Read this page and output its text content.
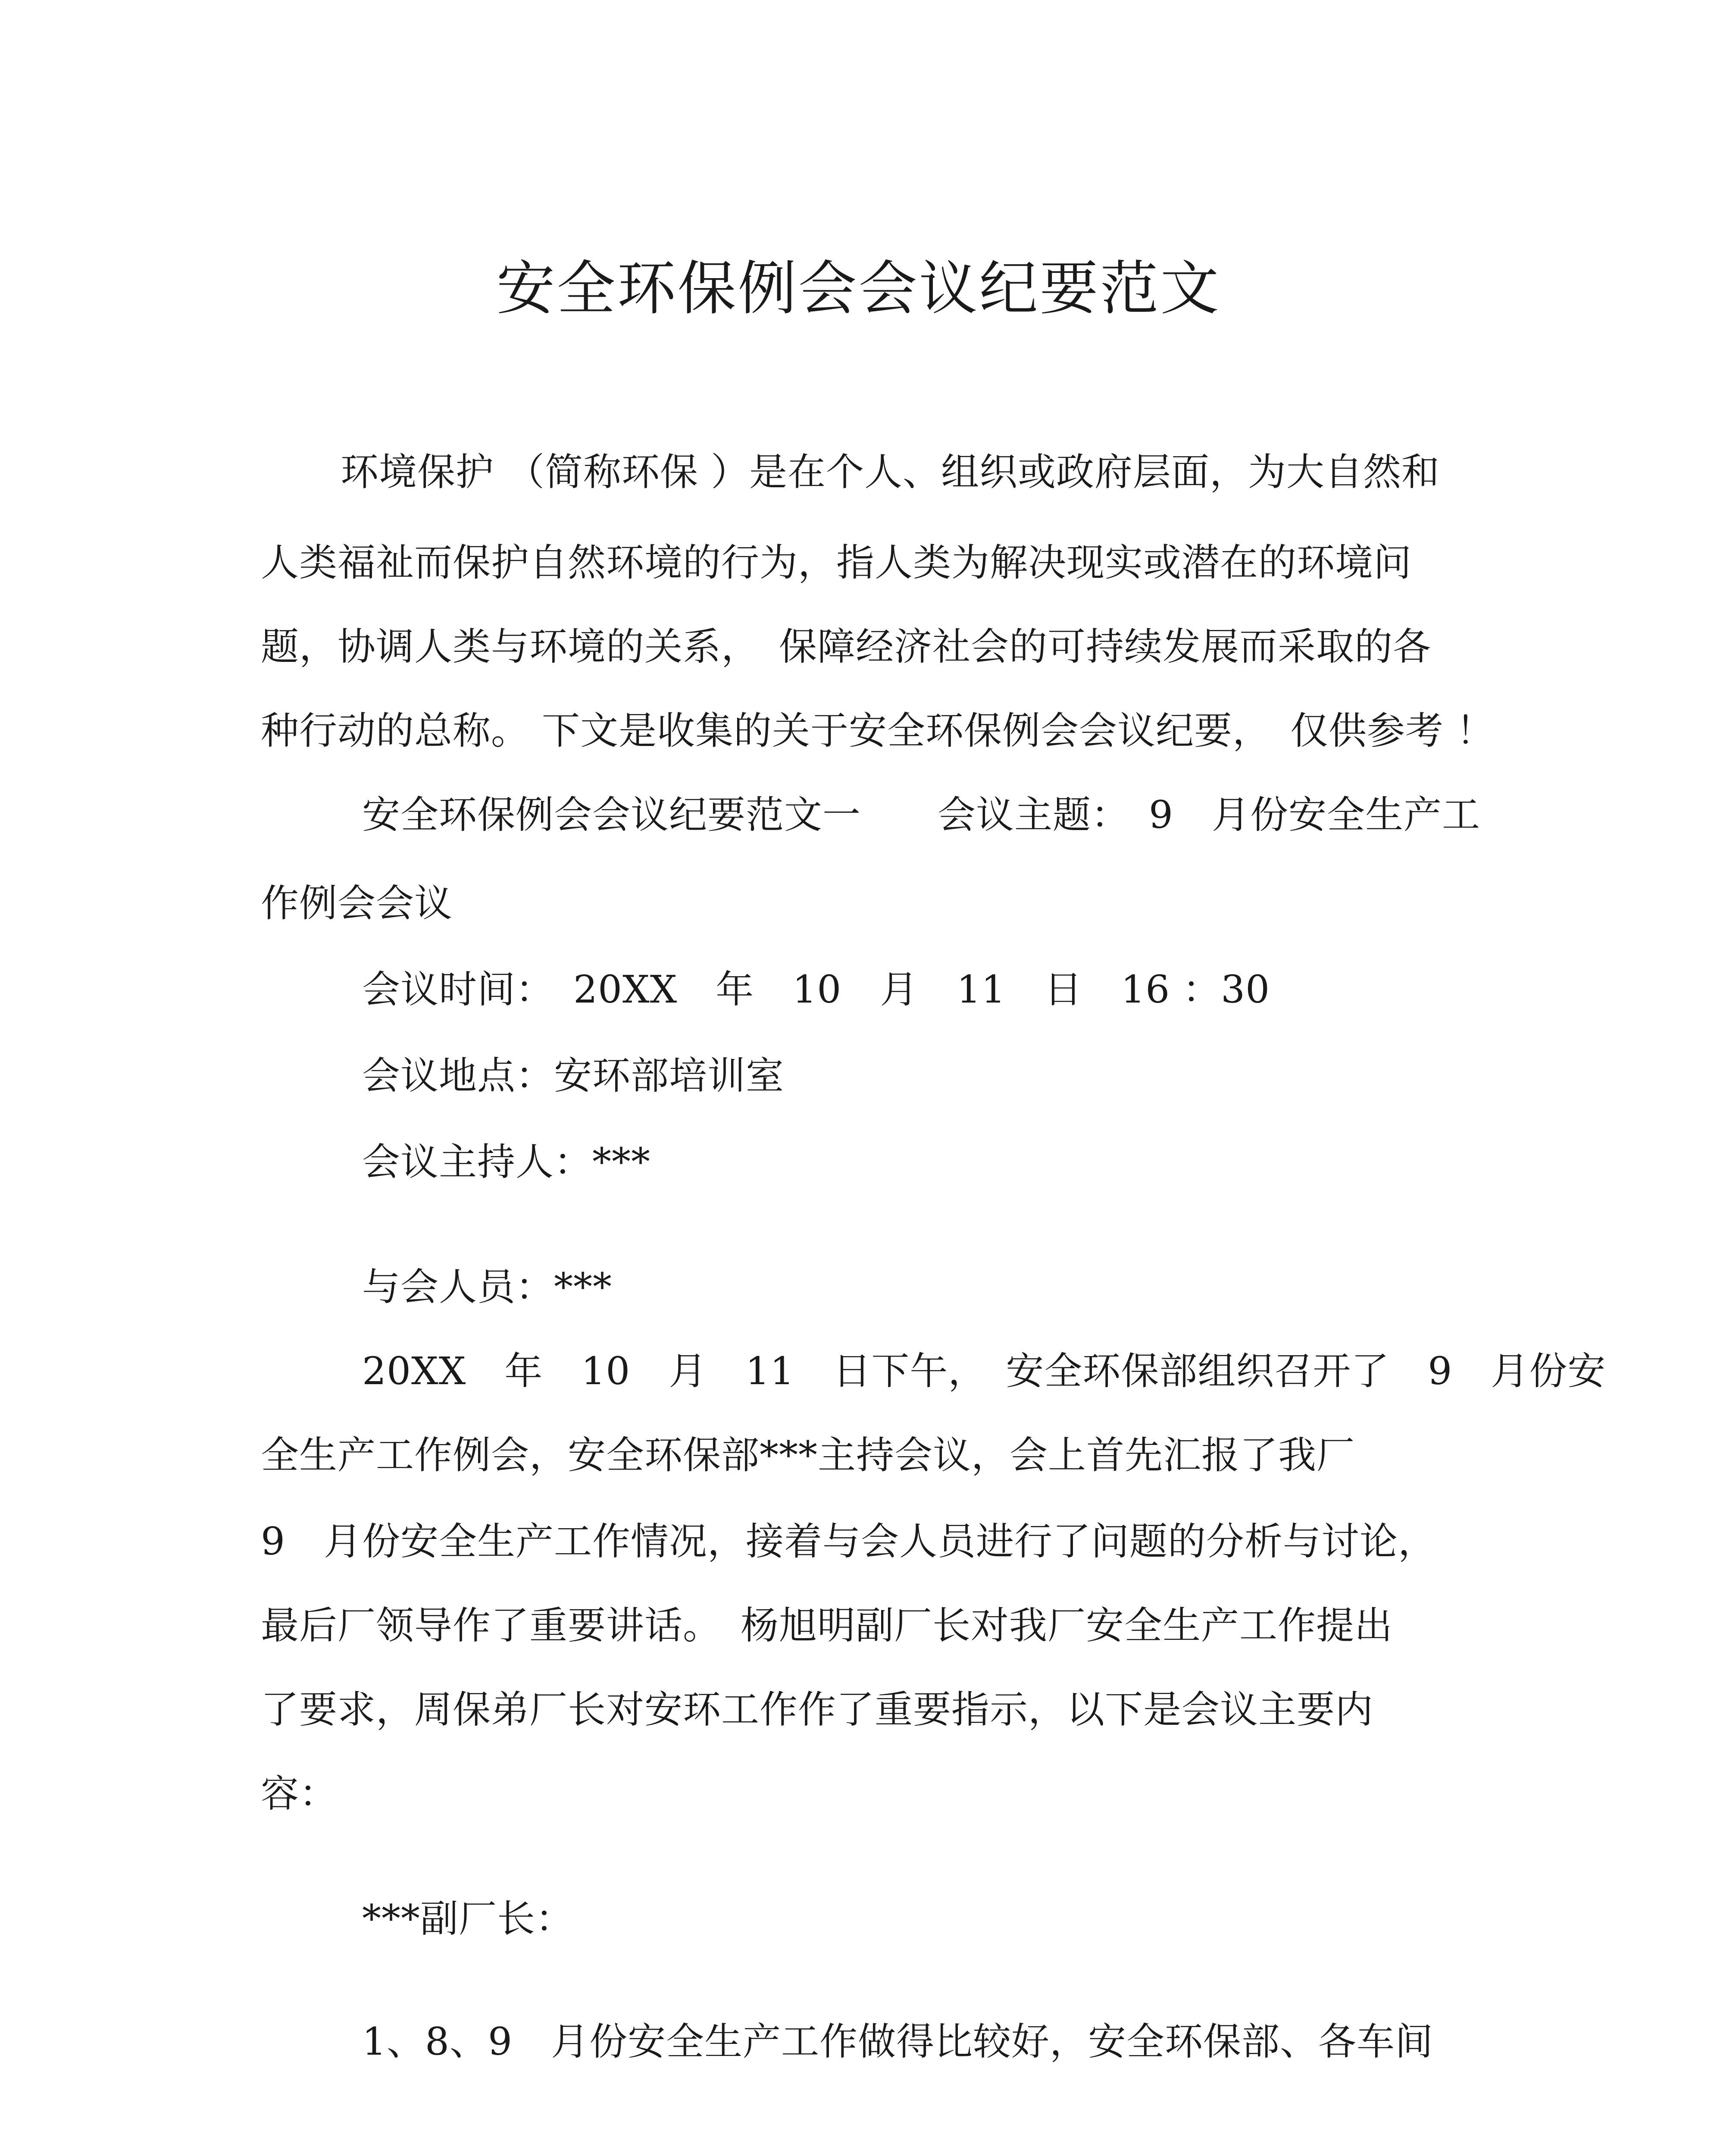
安全环保例会会议纪要范文
环境保护 （简称环保 ）是在个人、组织或政府层面，为大自然和
人类福祉而保护自然环境的行为，指人类为解决现实或潜在的环境问
题，协调人类与环境的关系，　保障经济社会的可持续发展而采取的各
种行动的总称。 下文是收集的关于安全环保例会会议纪要，　仅供参考 ！
安全环保例会会议纪要范文一　　会议主题：　9　月份安全生产工
作例会会议
会议时间：　20XX　年　10　月　11　日　16 ：30
会议地点：安环部培训室
会议主持人：***
与会人员：***
20XX　年　10　月　11　日下午，　安全环保部组织召开了　9　月份安
全生产工作例会，安全环保部***主持会议，会上首先汇报了我厂
9　月份安全生产工作情况，接着与会人员进行了问题的分析与讨论，
最后厂领导作了重要讲话。　杨旭明副厂长对我厂安全生产工作提出
了要求，周保弟厂长对安环工作作了重要指示，以下是会议主要内
容：
***副厂长：
1、8、9　月份安全生产工作做得比较好，安全环保部、各车间
